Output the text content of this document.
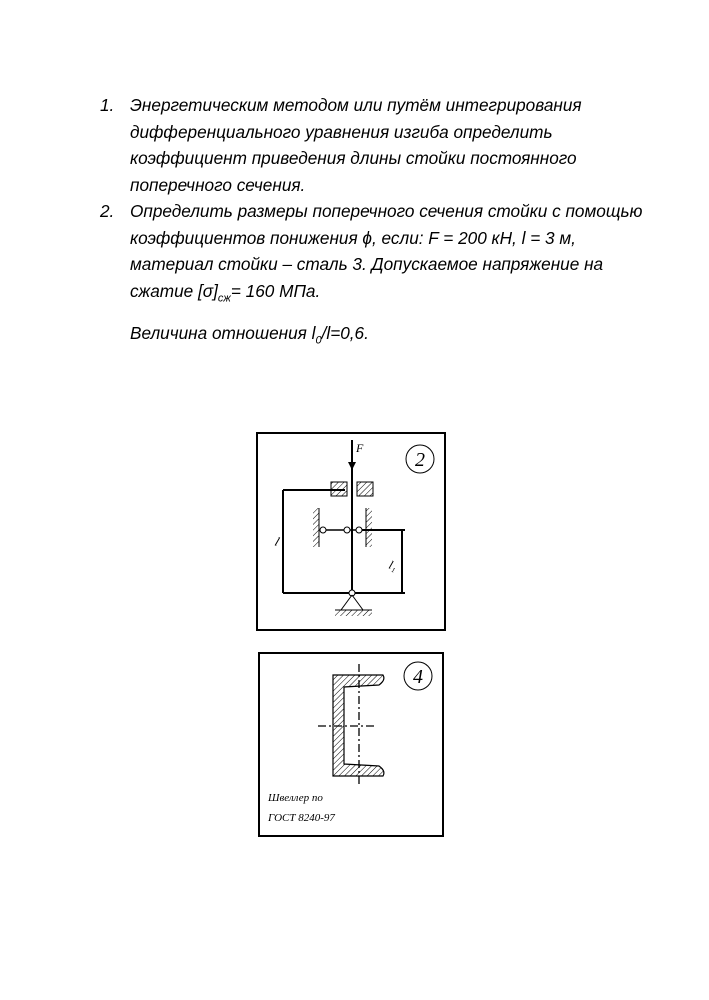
1. Энергетическим методом или путём интегрирования дифференциального уравнения изгиба определить коэффициент приведения длины стойки постоянного поперечного сечения.
2. Определить размеры поперечного сечения стойки с помощью коэффициентов понижения ϕ, если: F = 200 кН, l = 3 м, материал стойки – сталь 3. Допускаемое напряжение на сжатие $[\sigma]_{сж}= 160$ МПа.
Величина отношения $l_0/l=0,6$.
2
F
l
l₁
4
Швеллер по
ГОСТ 8240-97
